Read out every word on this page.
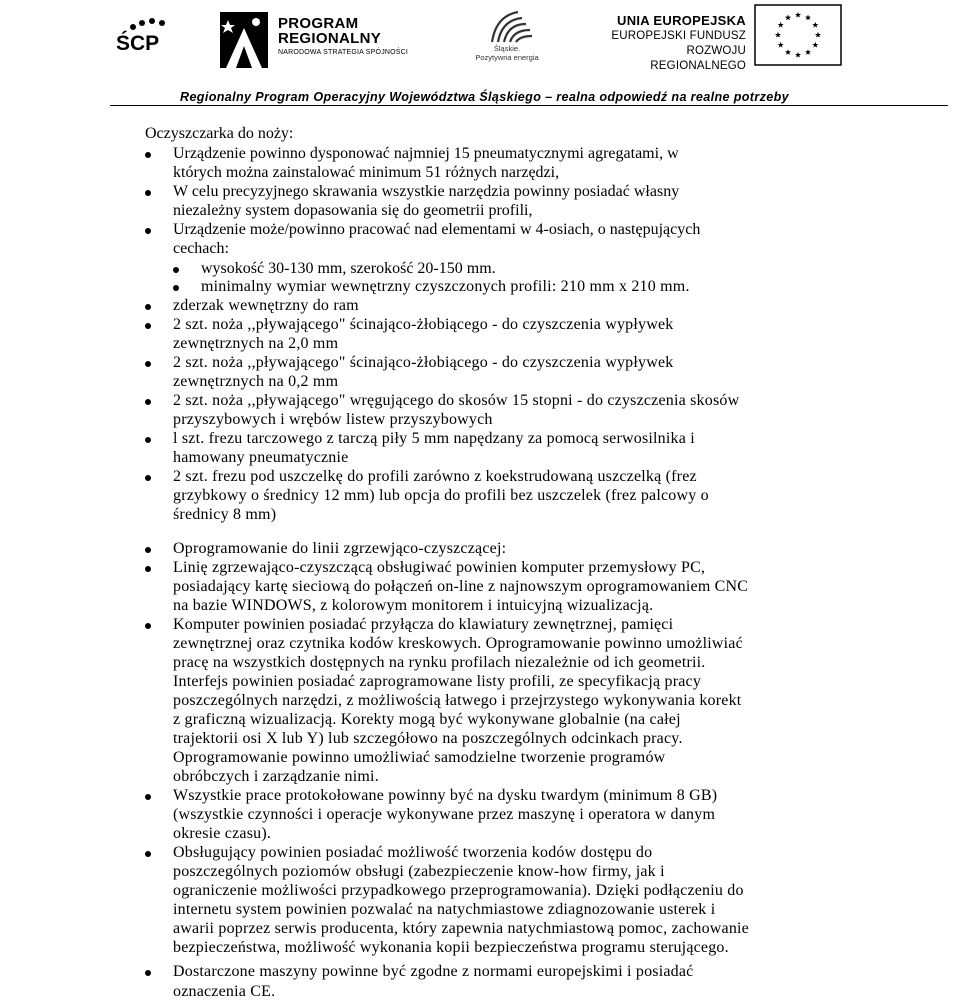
ŚCP
PROGRAM
REGIONALNY
NARODOWA STRATEGIA SPÓJNOŚCI	Śląskie.
Pozytywna energia
UNIA EUROPEJSKA
EUROPEJSKI FUNDUSZ
ROZWOJU REGIONALNEGO
Regionalny Program Operacyjny Województwa Śląskiego – realna odpowiedź na realne potrzeby
Oczyszczarka do noży:
Urządzenie powinno dysponować najmniej 15 pneumatycznymi agregatami, w
których można zainstalować minimum 51 różnych narzędzi,
W celu precyzyjnego skrawania wszystkie narzędzia powinny posiadać własny
niezależny system dopasowania się do geometrii profili,
Urządzenie może/powinno pracować nad elementami w 4-osiach, o następujących
cechach:
wysokość 30-130 mm, szerokość 20-150 mm.
minimalny wymiar wewnętrzny czyszczonych profili: 210 mm x 210 mm.
zderzak wewnętrzny do ram
2 szt. noża ,,pływającego" ścinająco-żłobiącego - do czyszczenia wypływek
zewnętrznych na 2,0 mm
2 szt. noża ,,pływającego" ścinająco-żłobiącego - do czyszczenia wypływek
zewnętrznych na 0,2 mm
2 szt. noża ,,pływającego" wręgującego do skosów 15 stopni - do czyszczenia skosów
przyszybowych i wrębów listew przyszybowych
l szt. frezu tarczowego z tarczą piły 5 mm napędzany za pomocą serwosilnika i
hamowany pneumatycznie
2 szt. frezu pod uszczelkę do profili zarówno z koekstrudowaną uszczelką (frez
grzybkowy o średnicy 12 mm) lub opcja do profili bez uszczelek (frez palcowy o
średnicy 8 mm)
Oprogramowanie do linii zgrzewjąco-czyszczącej:
Linię zgrzewająco-czyszczącą obsługiwać powinien komputer przemysłowy PC,
posiadający kartę sieciową do połączeń on-line z najnowszym oprogramowaniem CNC
na bazie WINDOWS, z kolorowym monitorem i intuicyjną wizualizacją.
Komputer powinien posiadać przyłącza do klawiatury zewnętrznej, pamięci
zewnętrznej oraz czytnika kodów kreskowych. Oprogramowanie powinno umożliwiać
pracę na wszystkich dostępnych na rynku profilach niezależnie od ich geometrii.
Interfejs powinien posiadać zaprogramowane listy profili, ze specyfikacją pracy
poszczególnych narzędzi, z możliwością łatwego i przejrzystego wykonywania korekt
z graficzną wizualizacją. Korekty mogą być wykonywane globalnie (na całej
trajektorii osi X lub Y) lub szczegółowo na poszczególnych odcinkach pracy.
Oprogramowanie powinno umożliwiać samodzielne tworzenie programów
obróbczych i zarządzanie nimi.
Wszystkie prace protokołowane powinny być na dysku twardym (minimum 8 GB)
(wszystkie czynności i operacje wykonywane przez maszynę i operatora w danym
okresie czasu).
Obsługujący powinien posiadać możliwość tworzenia kodów dostępu do
poszczególnych poziomów obsługi (zabezpieczenie know-how firmy, jak i
ograniczenie możliwości przypadkowego przeprogramowania). Dzięki podłączeniu do
internetu system powinien pozwalać na natychmiastowe zdiagnozowanie usterek i
awarii poprzez serwis producenta, który zapewnia natychmiastową pomoc, zachowanie
bezpieczeństwa, możliwość wykonania kopii bezpieczeństwa programu sterującego.
Dostarczone maszyny powinne być zgodne z normami europejskimi i posiadać
oznaczenia CE.
